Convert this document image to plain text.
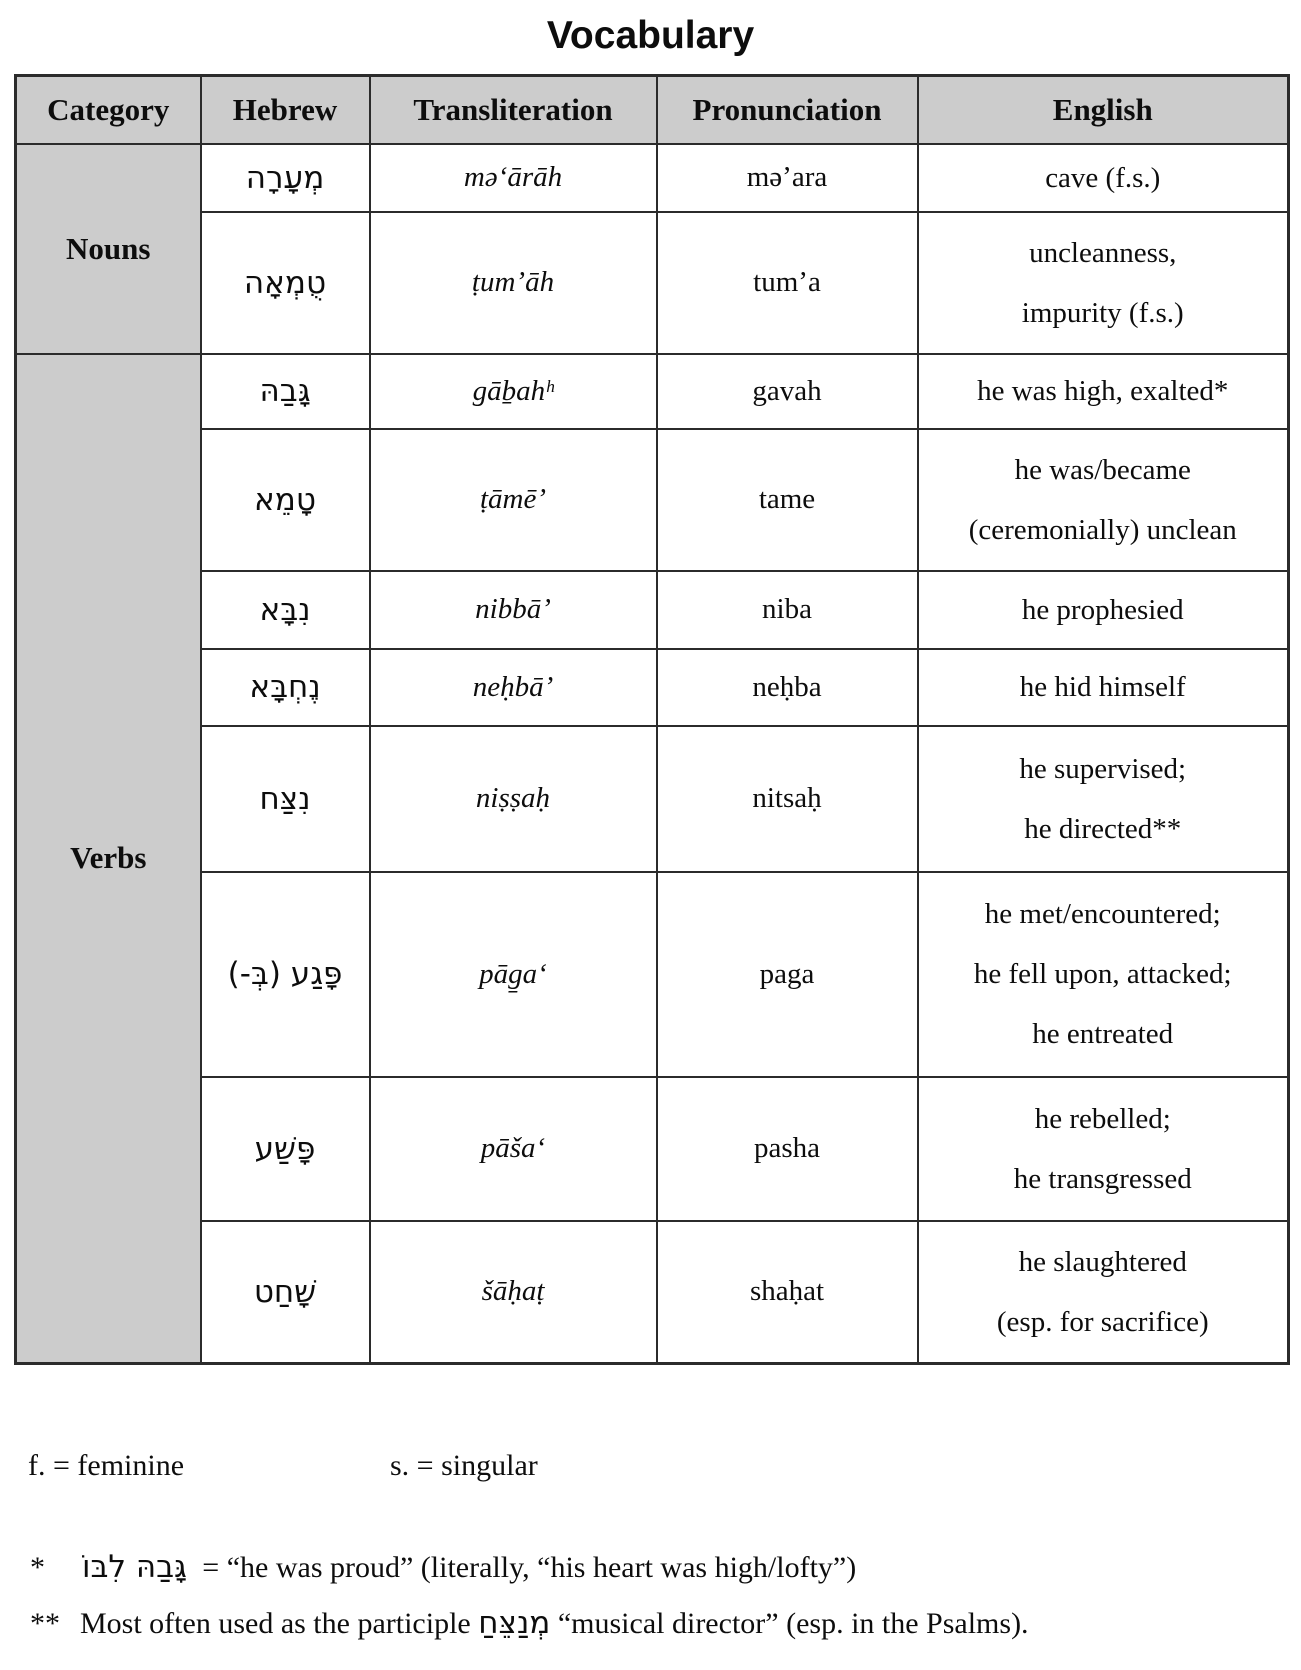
Vocabulary
Category	Hebrew	Transliteration	Pronunciation	English
Nouns	מְעָרָה	mə‘ārāh	mə’ara	cave (f.s.)

	טֻמְאָה	ṭum’āh	tum’a	uncleanness,
impurity (f.s.)

Verbs	גָּבַהּ	gāḇahʰ	gavah	he was high, exalted*

	טָמֵא	ṭāmē’	tame	he was/became
(ceremonially) unclean

	נִבָּא	nibbā’	niba	he prophesied

	נֶחְבָּא	neḥbā’	neḥba	he hid himself

	נִצַּח	niṣṣaḥ	nitsaḥ	he supervised;
he directed**

	פָּגַע (בְּ-)	pāg̱a‘	paga	he met/encountered;
he fell upon, attacked;
he entreated

	פָּשַׁע	pāša‘	pasha	he rebelled;
he transgressed

	שָׁחַט	šāḥaṭ	shaḥat	he slaughtered
(esp. for sacrifice)
f. = feminine	s. = singular
* גָּבַהּ לִבּוֹ = “he was proud” (literally, “his heart was high/lofty”)
** Most often used as the participle מְנַצֵּחַ “musical director” (esp. in the Psalms).
